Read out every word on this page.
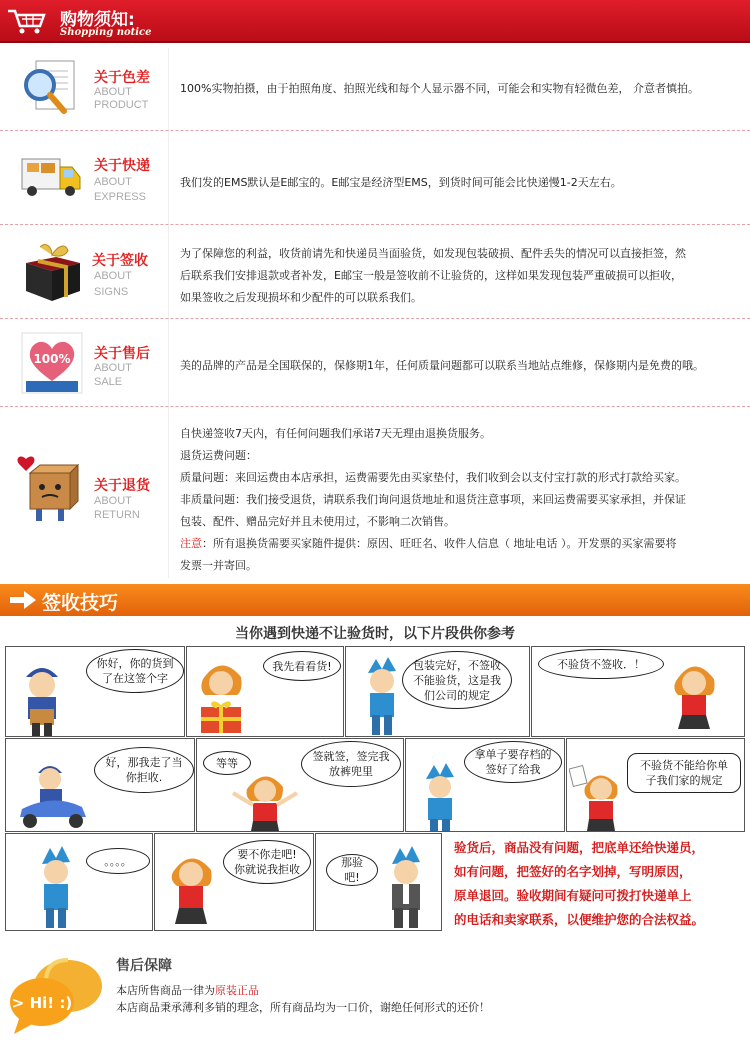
购物须知:
Shopping notice
关于色差
ABOUT
PRODUCT
100%实物拍摄，由于拍照角度、拍照光线和每个人显示器不同，可能会和实物有轻微色差， 介意者慎拍。
关于快递
ABOUT
EXPRESS
我们发的EMS默认是E邮宝的。E邮宝是经济型EMS，到货时间可能会比快递慢1-2天左右。
关于签收
ABOUT
SIGNS
为了保障您的利益，收货前请先和快递员当面验货，如发现包装破损、配件丢失的情况可以直接拒签，然
后联系我们安排退款或者补发，E邮宝一般是签收前不让验货的，这样如果发现包装严重破损可以拒收，
如果签收之后发现损坏和少配件的可以联系我们。
100% 关于售后
ABOUT
SALE
美的品牌的产品是全国联保的，保修期1年，任何质量问题都可以联系当地站点维修，保修期内是免费的哦。
关于退货
ABOUT
RETURN
自快递签收7天内，有任何问题我们承诺7天无理由退换货服务。
退货运费问题：
质量问题：来回运费由本店承担，运费需要先由买家垫付，我们收到会以支付宝打款的形式打款给买家。
非质量问题：我们接受退货，请联系我们询问退货地址和退货注意事项，来回运费需要买家承担，并保证
包装、配件、赠品完好并且未使用过，不影响二次销售。
注意：所有退换货需要买家随件提供：原因、旺旺名、收件人信息（ 地址电话 ）。开发票的买家需要将
发票一并寄回。
签收技巧
当你遇到快递不让验货时，以下片段供你参考
你好，你的货到了在这签个字
我先看看货!	包装完好，不签收不能验货，这是我们公司的规定
不验货不签收．！
好，那我走了当你拒收.
等等	签就签，签完我放裤兜里
拿单子要存档的签好了给我	不验货不能给你单子我们家的规定
。。。。	要不你走吧!你就说我拒收
那验吧!
验货后，商品没有问题，把底单还给快递员，
如有问题，把签好的名字划掉，写明原因，
原单退回。验收期间有疑问可拨打快递单上
的电话和卖家联系，以便维护您的合法权益。
> Hi! :)
售后保障
本店所售商品一律为原装正品
本店商品秉承薄利多销的理念，所有商品均为一口价，谢绝任何形式的还价！
